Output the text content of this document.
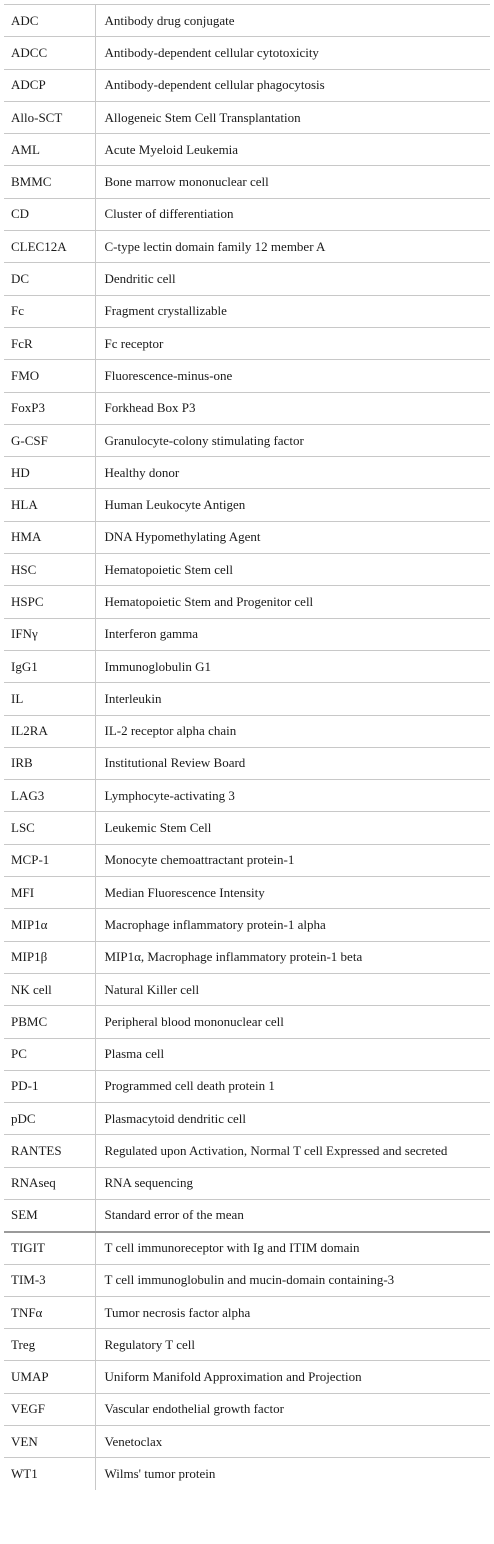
ADC	Antibody drug conjugate
ADCC	Antibody-dependent cellular cytotoxicity
ADCP	Antibody-dependent cellular phagocytosis
Allo-SCT	Allogeneic Stem Cell Transplantation
AML	Acute Myeloid Leukemia
BMMC	Bone marrow mononuclear cell
CD	Cluster of differentiation
CLEC12A	C-type lectin domain family 12 member A
DC	Dendritic cell
Fc	Fragment crystallizable
FcR	Fc receptor
FMO	Fluorescence-minus-one
FoxP3	Forkhead Box P3
G-CSF	Granulocyte-colony stimulating factor
HD	Healthy donor
HLA	Human Leukocyte Antigen
HMA	DNA Hypomethylating Agent
HSC	Hematopoietic Stem cell
HSPC	Hematopoietic Stem and Progenitor cell
IFNγ	Interferon gamma
IgG1	Immunoglobulin G1
IL	Interleukin
IL2RA	IL-2 receptor alpha chain
IRB	Institutional Review Board
LAG3	Lymphocyte-activating 3
LSC	Leukemic Stem Cell
MCP-1	Monocyte chemoattractant protein-1
MFI	Median Fluorescence Intensity
MIP1α	Macrophage inflammatory protein-1 alpha
MIP1β	MIP1α, Macrophage inflammatory protein-1 beta
NK cell	Natural Killer cell
PBMC	Peripheral blood mononuclear cell
PC	Plasma cell
PD-1	Programmed cell death protein 1
pDC	Plasmacytoid dendritic cell
RANTES	Regulated upon Activation, Normal T cell Expressed and secreted
RNAseq	RNA sequencing
SEM	Standard error of the mean
TIGIT	T cell immunoreceptor with Ig and ITIM domain
TIM-3	T cell immunoglobulin and mucin-domain containing-3
TNFα	Tumor necrosis factor alpha
Treg	Regulatory T cell
UMAP	Uniform Manifold Approximation and Projection
VEGF	Vascular endothelial growth factor
VEN	Venetoclax
WT1	Wilms' tumor protein
